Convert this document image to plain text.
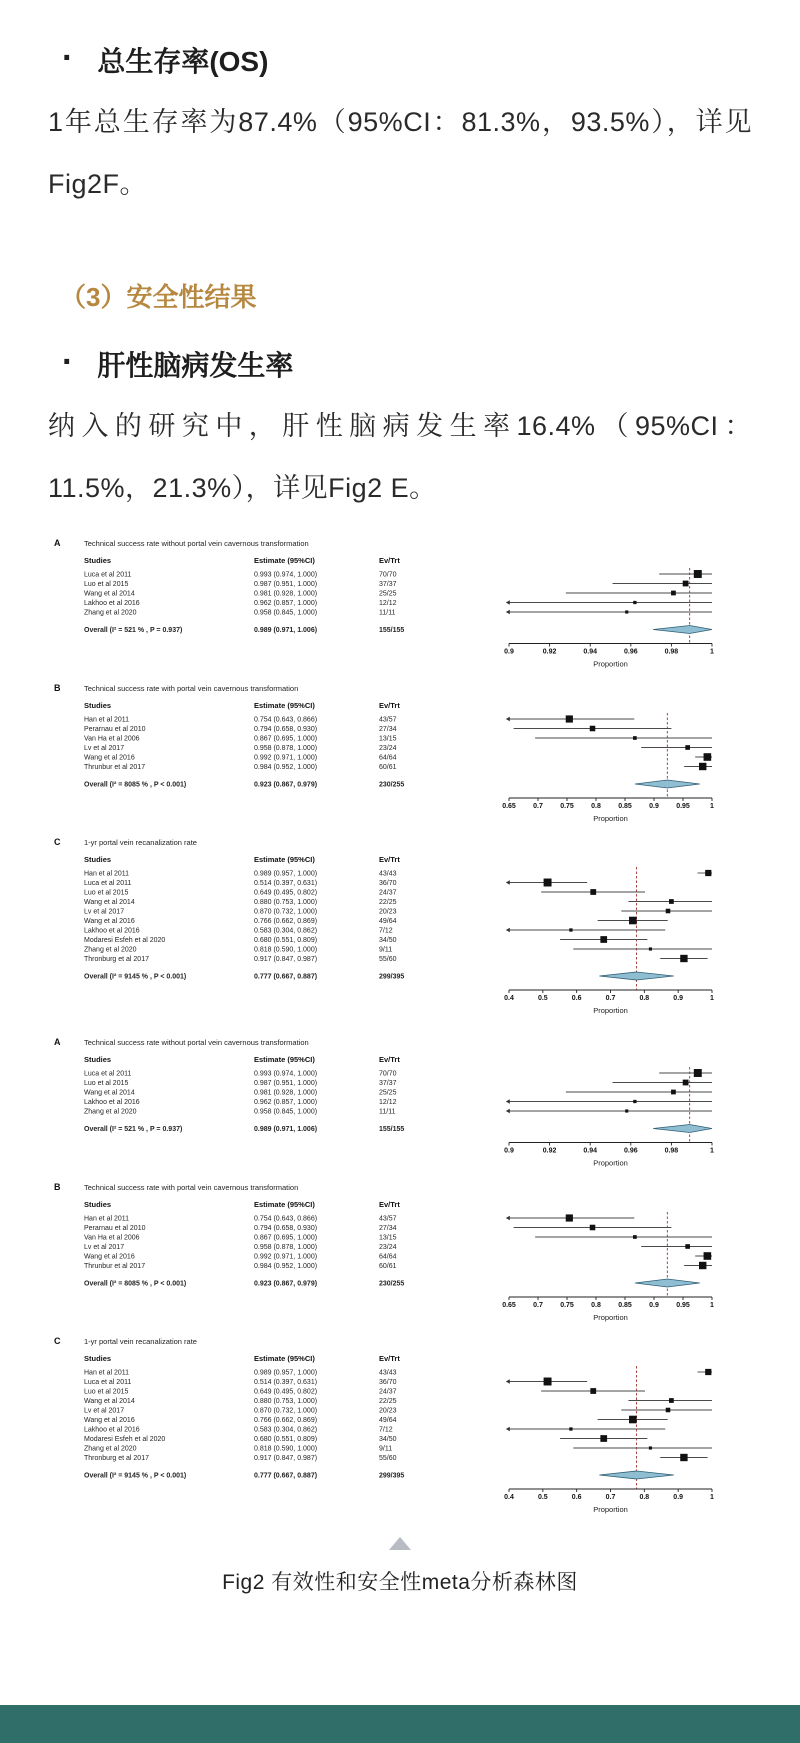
· 总生存率(OS)

1年总生存率为87.4%（95%CI：81.3%，93.5%），详见Fig2F。

（3）安全性结果
· 肝性脑病发生率

纳入的研究中，肝性脑病发生率16.4%（95%CI：11.5%，21.3%），详见Fig2 E。

A	Technical success rate without portal vein cavernous transformation
Studies	Estimate (95%CI)	Ev/Trt
Luca et al 2011	0.993 (0.974, 1.000)	70/70
Luo et al 2015	0.987 (0.951, 1.000)	37/37
Wang et al 2014	0.981 (0.928, 1.000)	25/25
Lakhoo et al 2016	0.962 (0.857, 1.000)	12/12
Zhang et al 2020	0.958 (0.845, 1.000)	11/11
Overall (I² = 521 % , P = 0.937)	0.989 (0.971, 1.006)	155/155
0.9	0.92	0.94	0.96	0.98	1
Proportion
B	Technical success rate with portal vein cavernous transformation
Studies	Estimate (95%CI)	Ev/Trt
Han et al 2011	0.754 (0.643, 0.866)	43/57
Perarnau et al 2010	0.794 (0.658, 0.930)	27/34
Van Ha et al 2006	0.867 (0.695, 1.000)	13/15
Lv et al 2017	0.958 (0.878, 1.000)	23/24
Wang et al 2016	0.992 (0.971, 1.000)	64/64
Thrunbur et al 2017	0.984 (0.952, 1.000)	60/61
Overall (I² = 8085 % , P < 0.001)	0.923 (0.867, 0.979)	230/255
0.65 0.7 0.75 0.8 0.85 0.9 0.95	1
Proportion
C	1-yr portal vein recanalization rate
Studies	Estimate (95%CI)	Ev/Trt
Han et al 2011	0.989 (0.957, 1.000)	43/43
Luca et al 2011	0.514 (0.397, 0.631)	36/70
Luo et al 2015	0.649 (0.495, 0.802)	24/37
Wang et al 2014	0.880 (0.753, 1.000)	22/25
Lv et al 2017	0.870 (0.732, 1.000)	20/23
Wang et al 2016	0.766 (0.662, 0.869)	49/64
Lakhoo et al 2016	0.583 (0.304, 0.862)	7/12
Modaresi Esfeh et al 2020	0.680 (0.551, 0.809)	34/50
Zhang et al 2020	0.818 (0.590, 1.000)	9/11
Thronburg et al 2017	0.917 (0.847, 0.987)	55/60
Overall (I² = 9145 % , P < 0.001)	0.777 (0.667, 0.887)	299/395
0.4	0.5	0.6	0.7	0.8	0.9	1
Proportion
A	Technical success rate without portal vein cavernous transformation
Studies	Estimate (95%CI)	Ev/Trt
Luca et al 2011	0.993 (0.974, 1.000)	70/70
Luo et al 2015	0.987 (0.951, 1.000)	37/37
Wang et al 2014	0.981 (0.928, 1.000)	25/25
Lakhoo et al 2016	0.962 (0.857, 1.000)	12/12
Zhang et al 2020	0.958 (0.845, 1.000)	11/11
Overall (I² = 521 % , P = 0.937)	0.989 (0.971, 1.006)	155/155
0.9	0.92	0.94	0.96	0.98	1
Proportion
B	Technical success rate with portal vein cavernous transformation
Studies	Estimate (95%CI)	Ev/Trt
Han et al 2011	0.754 (0.643, 0.866)	43/57
Perarnau et al 2010	0.794 (0.658, 0.930)	27/34
Van Ha et al 2006	0.867 (0.695, 1.000)	13/15
Lv et al 2017	0.958 (0.878, 1.000)	23/24
Wang et al 2016	0.992 (0.971, 1.000)	64/64
Thrunbur et al 2017	0.984 (0.952, 1.000)	60/61
Overall (I² = 8085 % , P < 0.001)	0.923 (0.867, 0.979)	230/255
0.65 0.7 0.75 0.8 0.85 0.9 0.95	1
Proportion
C	1-yr portal vein recanalization rate
Studies	Estimate (95%CI)	Ev/Trt
Han et al 2011	0.989 (0.957, 1.000)	43/43
Luca et al 2011	0.514 (0.397, 0.631)	36/70
Luo et al 2015	0.649 (0.495, 0.802)	24/37
Wang et al 2014	0.880 (0.753, 1.000)	22/25
Lv et al 2017	0.870 (0.732, 1.000)	20/23
Wang et al 2016	0.766 (0.662, 0.869)	49/64
Lakhoo et al 2016	0.583 (0.304, 0.862)	7/12
Modaresi Esfeh et al 2020	0.680 (0.551, 0.809)	34/50
Zhang et al 2020	0.818 (0.590, 1.000)	9/11
Thronburg et al 2017	0.917 (0.847, 0.987)	55/60
Overall (I² = 9145 % , P < 0.001)	0.777 (0.667, 0.887)	299/395
0.4	0.5	0.6	0.7	0.8	0.9	1
Proportion
Fig2 有效性和安全性meta分析森林图
